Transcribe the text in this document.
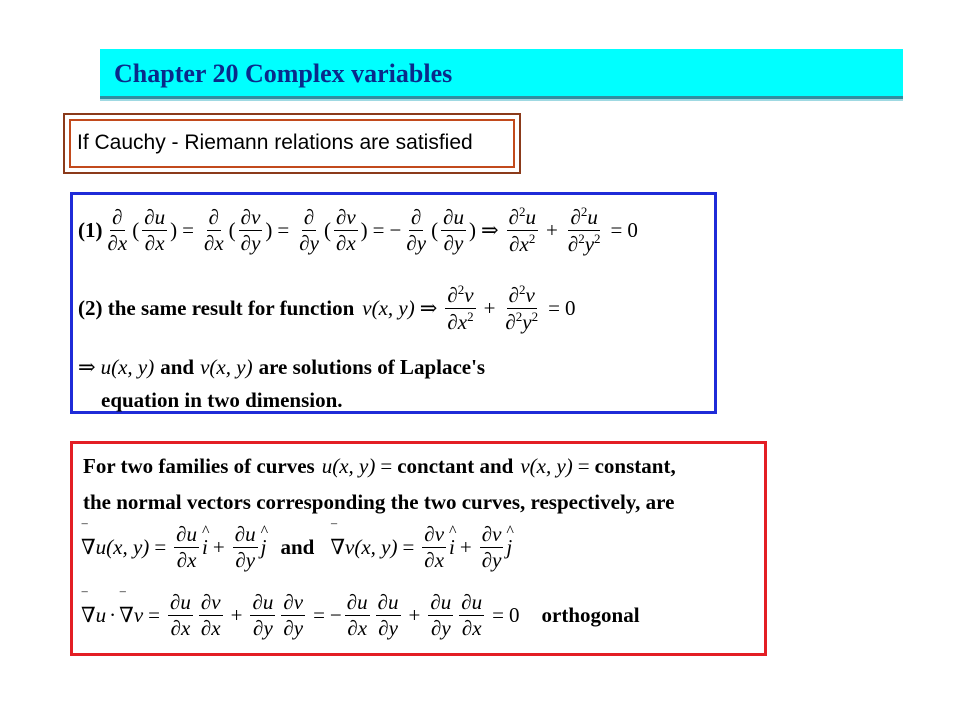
Chapter 20 Complex variables
If Cauchy - Riemann relations are satisfied
$(1) \frac{\partial}{\partial x}$ ( $\frac{\partial u}{\partial x}$ ) = $\frac{\partial}{\partial x}$ ( $\frac{\partial v}{\partial y}$ ) = $\frac{\partial}{\partial y}$ ( $\frac{\partial v}{\partial x}$ ) = − $\frac{\partial}{\partial y}$ ( $\frac{\partial u}{\partial y}$ ) ⇒ $\frac{\partial^2u}{\partial x^2} + \frac{\partial^2u}{\partial^2y^2} = 0$
(2) the same result for function v(x, y) ⇒ $\frac{\partial^2v}{\partial x^2} + \frac{\partial^2v}{\partial^2y^2} = 0$
⇒ u(x, y) and v(x, y) are solutions of Laplace's
equation in two dimension.
For two families of curves u(x, y) = conctant and v(x, y) = constant,
the normal vectors corresponding the two curves, respectively, are
‾ ∇ u(x, $y) = \frac{\partial u}{\partial x}$ ^ $i + \frac{\partial u}{\partial y}$ ^ j and ‾ ∇ v(x, $y) = \frac{\partial v}{\partial x}$ ^ $i + \frac{\partial v}{\partial y}$ ^ j
‾ ∇ u · ‾ ∇ $v = \frac{\partial u}{\partial x} \frac{\partial v}{\partial x} + \frac{\partial u}{\partial y} \frac{\partial v}{\partial y}$ = − $\frac{\partial u}{\partial x} \frac{\partial u}{\partial y} + \frac{\partial u}{\partial y} \frac{\partial u}{\partial x} = 0$ orthogonal
